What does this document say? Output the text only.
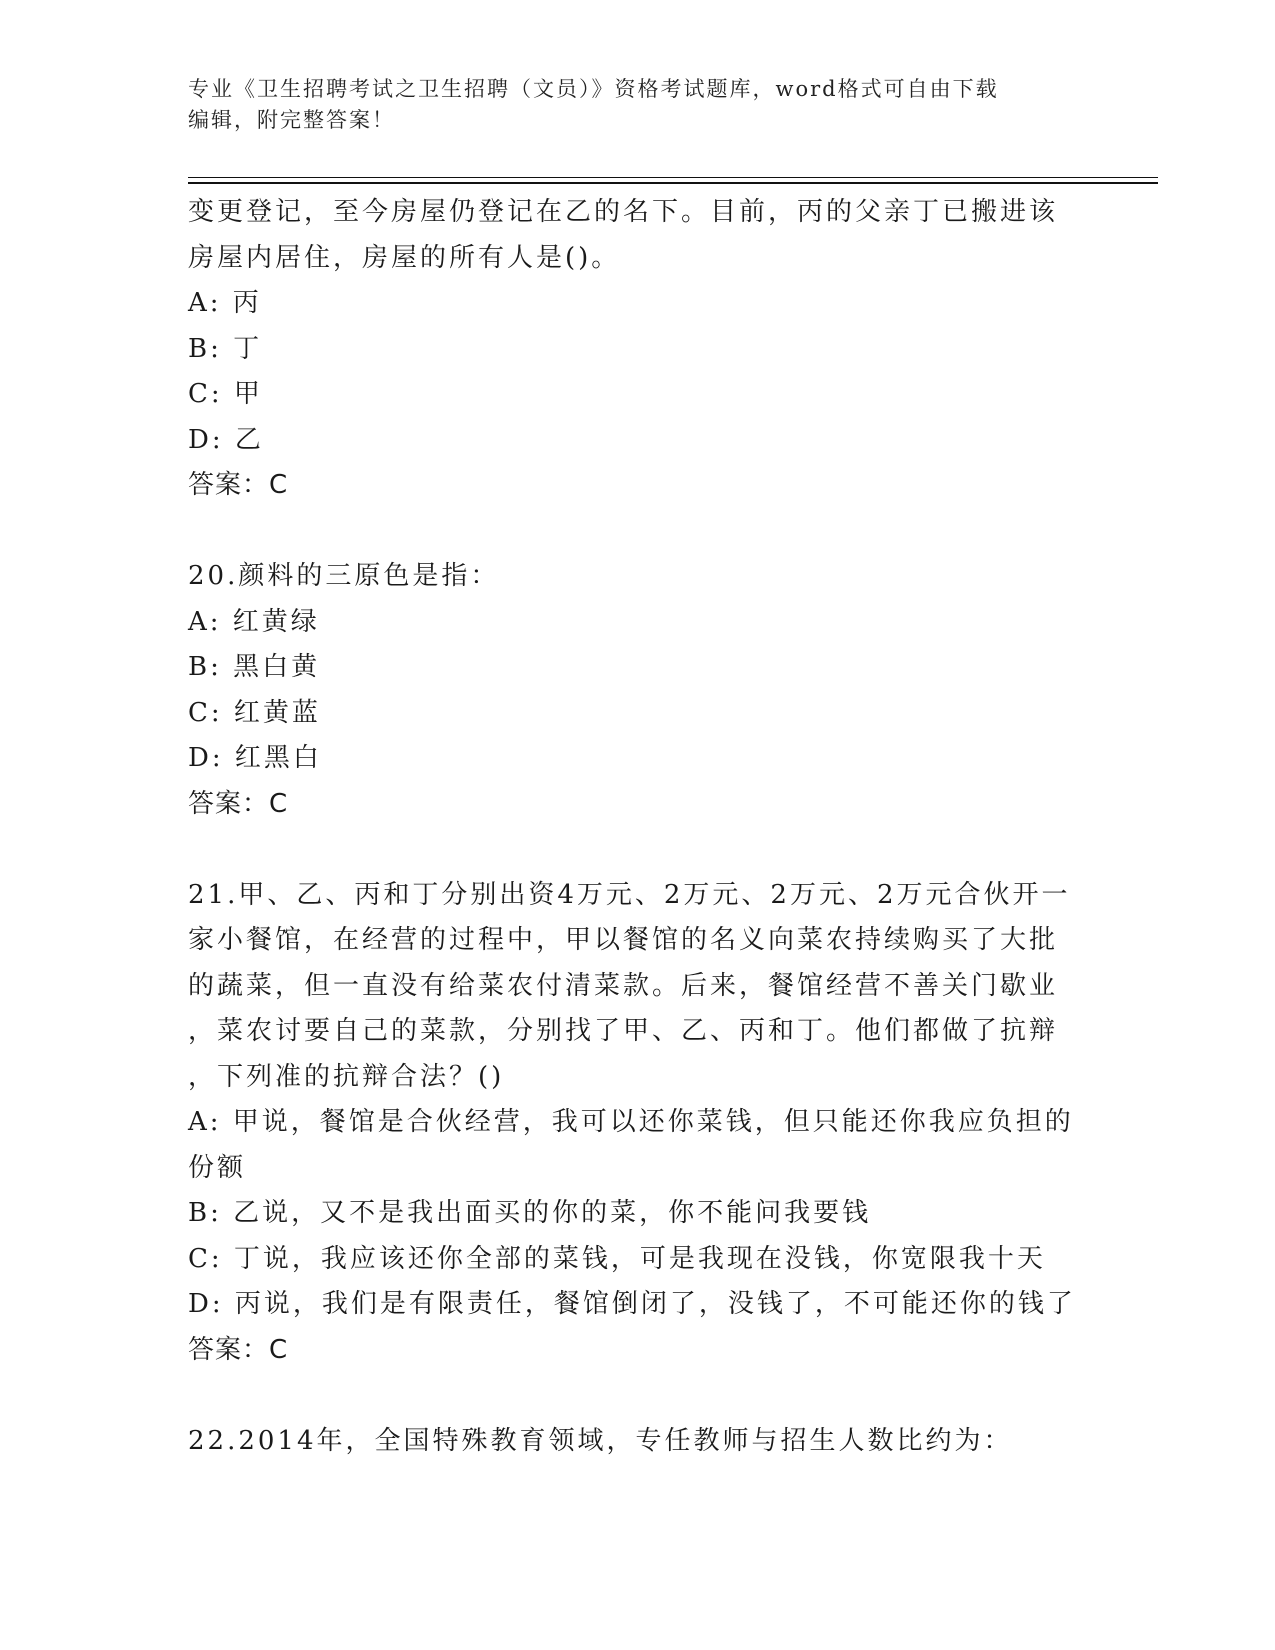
专业《卫生招聘考试之卫生招聘（文员）》资格考试题库，word格式可自由下载
编辑，附完整答案！
变更登记，至今房屋仍登记在乙的名下。目前，丙的父亲丁已搬进该
房屋内居住，房屋的所有人是()。
A: 丙
B: 丁
C: 甲
D: 乙
答案：C
20.颜料的三原色是指：
A: 红黄绿
B: 黑白黄
C: 红黄蓝
D: 红黑白
答案：C
21.甲、乙、丙和丁分别出资4万元、2万元、2万元、2万元合伙开一
家小餐馆，在经营的过程中，甲以餐馆的名义向菜农持续购买了大批
的蔬菜，但一直没有给菜农付清菜款。后来，餐馆经营不善关门歇业
，菜农讨要自己的菜款，分别找了甲、乙、丙和丁。他们都做了抗辩
，下列准的抗辩合法？()
A: 甲说，餐馆是合伙经营，我可以还你菜钱，但只能还你我应负担的
份额
B: 乙说，又不是我出面买的你的菜，你不能问我要钱
C: 丁说，我应该还你全部的菜钱，可是我现在没钱，你宽限我十天
D: 丙说，我们是有限责任，餐馆倒闭了，没钱了，不可能还你的钱了
答案：C
22.2014年，全国特殊教育领域，专任教师与招生人数比约为：
